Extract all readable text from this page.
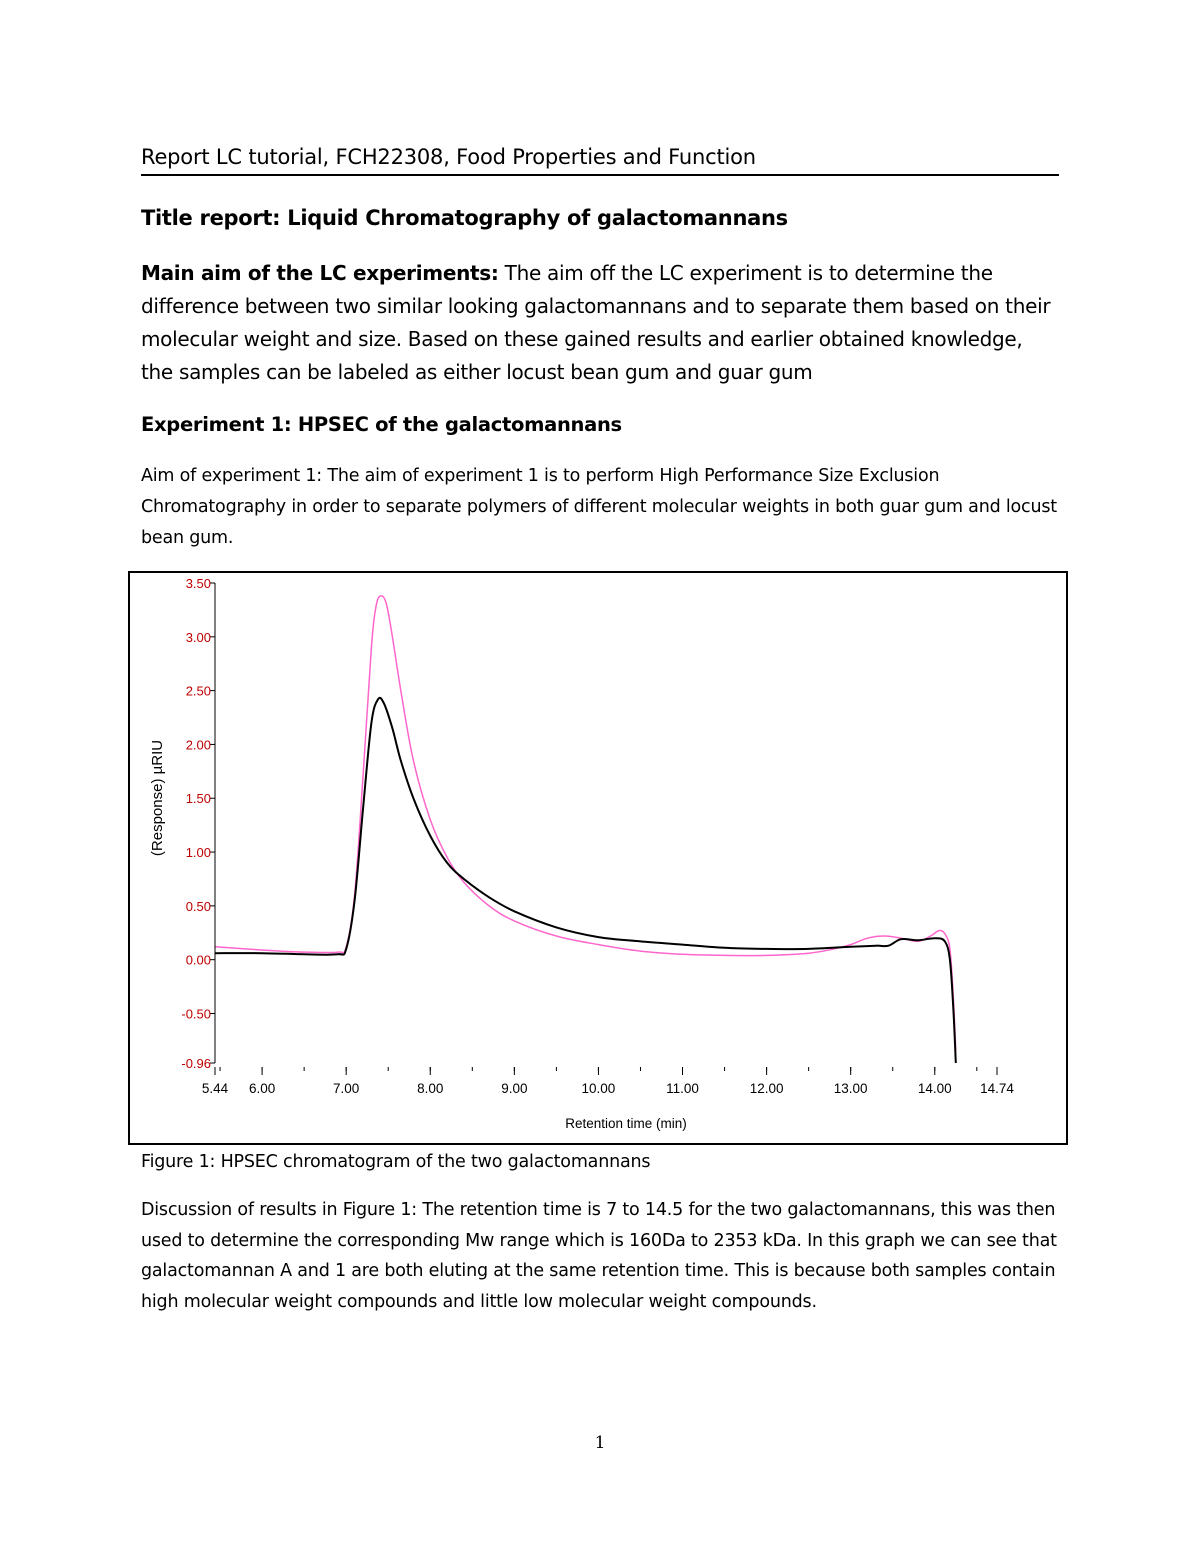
Report LC tutorial, FCH22308, Food Properties and Function
Title report: Liquid Chromatography of galactomannans
Main aim of the LC experiments: The aim off the LC experiment is to determine the difference between two similar looking galactomannans and to separate them based on their molecular weight and size. Based on these gained results and earlier obtained knowledge, the samples can be labeled as either locust bean gum and guar gum
Experiment 1: HPSEC of the galactomannans
Aim of experiment 1: The aim of experiment 1 is to perform High Performance Size Exclusion Chromatography in order to separate polymers of different molecular weights in both guar gum and locust bean gum.
3.50
3.00
2.50
2.00
1.50
1.00
0.50
0.00
-0.50
-0.96
5.44 6.00	7.00	8.00	9.00	10.00	11.00	12.00	13.00	14.00 14.74
Retention time (min)
(Response) µRIU
Figure 1: HPSEC chromatogram of the two galactomannans
Discussion of results in Figure 1: The retention time is 7 to 14.5 for the two galactomannans, this was then used to determine the corresponding Mw range which is 160Da to 2353 kDa. In this graph we can see that galactomannan A and 1 are both eluting at the same retention time. This is because both samples contain high molecular weight compounds and little low molecular weight compounds.
1
